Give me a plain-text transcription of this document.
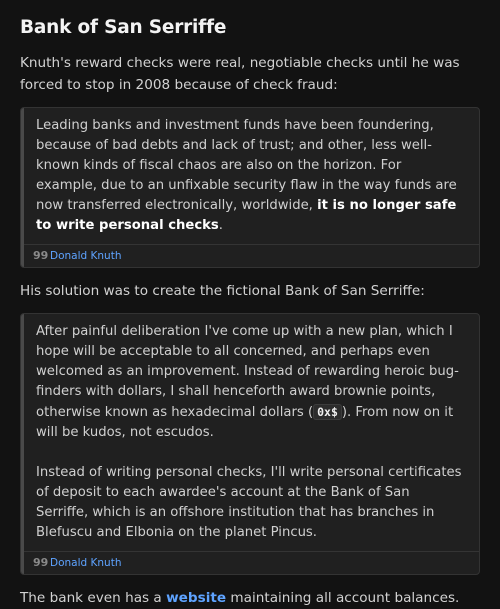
Bank of San Serriffe

Knuth's reward checks were real, negotiable checks until he was forced to stop in 2008 because of check fraud:

Leading banks and investment funds have been foundering, because of bad debts and lack of trust; and other, less well-known kinds of fiscal chaos are also on the horizon. For example, due to an unfixable security flaw in the way funds are now transferred electronically, worldwide, it is no longer safe to write personal checks.

99 Donald Knuth

His solution was to create the fictional Bank of San Serriffe:

After painful deliberation I've come up with a new plan, which I hope will be acceptable to all concerned, and perhaps even welcomed as an improvement. Instead of rewarding heroic bug-finders with dollars, I shall henceforth award brownie points, otherwise known as hexadecimal dollars ( 0x$ ). From now on it will be kudos, not escudos.

Instead of writing personal checks, I'll write personal certificates of deposit to each awardee's account at the Bank of San Serriffe, which is an offshore institution that has branches in Blefuscu and Elbonia on the planet Pincus.

99 Donald Knuth

The bank even has a website maintaining all account balances.
